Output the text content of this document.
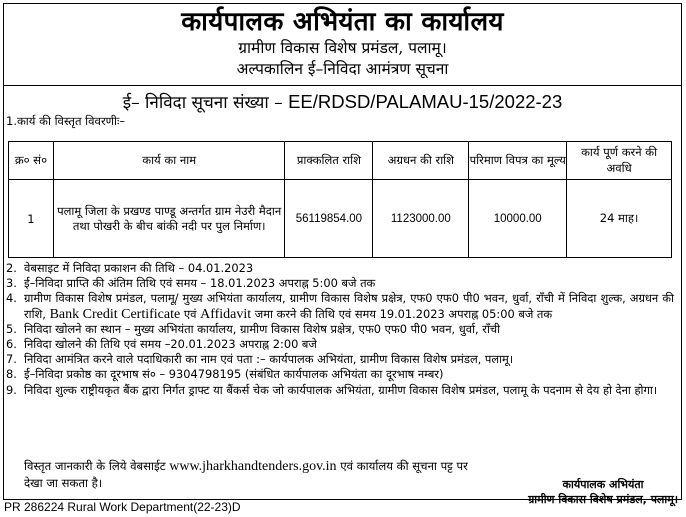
कार्यपालक अभियंता का कार्यालय
ग्रामीण विकास विशेष प्रमंडल, पलामू।
अल्पकालिन ई–निविदा आमंत्रण सूचना
ई– निविदा सूचना संख्या – EE/RDSD/PALAMAU-15/2022-23
1.कार्य की विस्तृत विवरणीः–
क्र० सं०	कार्य का नाम	प्राक्कलित राशि	अग्रधन की राशि	परिमाण विपत्र का मूल्य	कार्य पूर्ण करने की अवधि
1	पलामू जिला के प्रखण्ड पाण्डू अन्तर्गत ग्राम नेउरी मैदान तथा पोखरी के बीच बांकी नदी पर पुल निर्माण।	56119854.00	1123000.00	10000.00	24 माह।
2. वेबसाइट में निविदा प्रकाशन की तिथि – 04.01.2023
3. ई–निविदा प्राप्ति की अंतिम तिथि एवं समय – 18.01.2023 अपराह्न 5:00 बजे तक
4. ग्रामीण विकास विशेष प्रमंडल, पलामू/ मुख्य अभियंता कार्यालय, ग्रामीण विकास विशेष प्रक्षेत्र, एफ0 एफ0 पी0 भवन, धुर्वा, राँची में निविदा शुल्क, अग्रधन की राशि, Bank Credit Certificate एवं Affidavit जमा करने की तिथि एवं समय 19.01.2023 अपराह्न 05:00 बजे तक
5. निविदा खोलने का स्थान – मुख्य अभियंता कार्यालय, ग्रामीण विकास विशेष प्रक्षेत्र, एफ0 एफ0 पी0 भवन, धुर्वा, राँची
6. निविदा खोलने की तिथि एवं समय –20.01.2023 अपराह्न 2:00 बजे
7. निविदा आमंत्रित करने वाले पदाधिकारी का नाम एवं पता :– कार्यपालक अभियंता, ग्रामीण विकास विशेष प्रमंडल, पलामू।
8. ई–निविदा प्रकोष्ठ का दूरभाष सं० – 9304798195 (संबंधित कार्यपालक अभियंता का दूरभाष नम्बर)
9. निविदा शुल्क राष्ट्रीयकृत बैंक द्वारा निर्गत ड्राफ्ट या बैंकर्स चेक जो कार्यपालक अभियंता, ग्रामीण विकास विशेष प्रमंडल, पलामू के पदनाम से देय हो देना होगा।
विस्तृत जानकारी के लिये वेबसाईट www.jharkhandtenders.gov.in एवं कार्यालय की सूचना पट्ट पर देखा जा सकता है।	कार्यपालक अभियंता
ग्रामीण विकास विशेष प्रमंडल, पलामू।
PR 286224 Rural Work Department(22-23)D
